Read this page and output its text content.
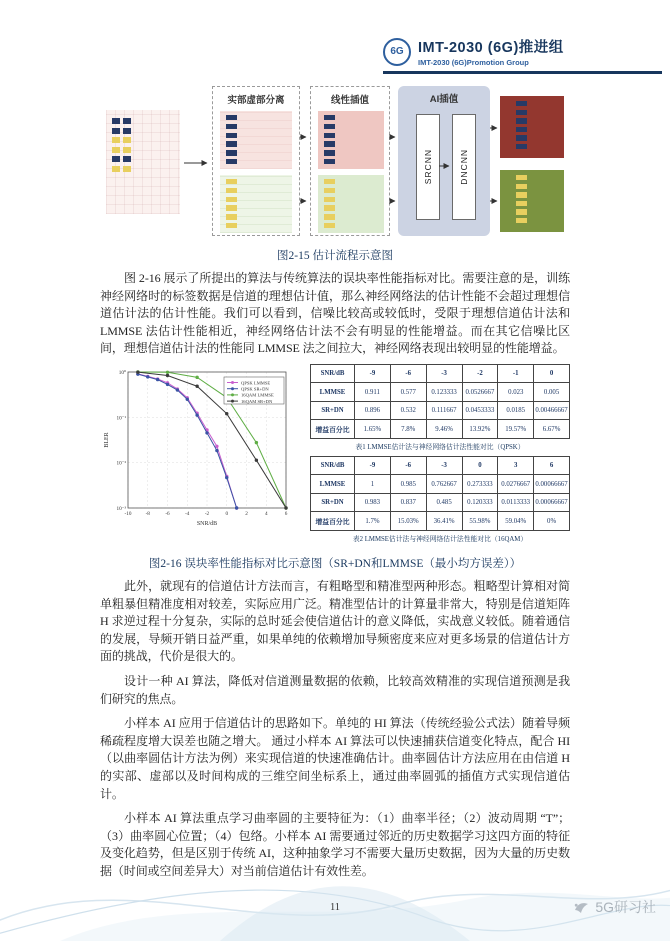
6G IMT-2030 (6G)推进组
IMT-2030 (6G)Promotion Group
实部虚部分离	线性插值	AI插值
SRCNN	DNCNN
图2-15 估计流程示意图

图 2-16 展示了所提出的算法与传统算法的误块率性能指标对比。需要注意的是，训练神经网络时的标签数据是信道的理想估计值，那么神经网络法的估计性能不会超过理想信道估计法的估计性能。我们可以看到，信噪比较高或较低时，受限于理想信道估计法和 LMMSE 法估计性能相近，神经网络估计法不会有明显的性能增益。而在其它信噪比区间，理想信道估计法的性能同 LMMSE 法之间拉大，神经网络表现出较明显的性能增益。

-10	-8	-6	-4	-2	0	2	4	6
10⁰
10⁻¹
10⁻²
10⁻³
QPSK LMMSE
QPSK SR+DN
16QAM LMMSE
16QAM SR+DN
SNR/dB
BLER
SNR/dB	-9	-6	-3	-2	-1	0
LMMSE	0.911	0.577	0.123333	0.0526667	0.023	0.005
SR+DN	0.896	0.532	0.111667	0.0453333	0.0185	0.00466667
增益百分比	1.65%	7.8%	9.46%	13.92%	19.57%	6.67%
表1 LMMSE估计法与神经网络估计法性能对比（QPSK）
SNR/dB	-9	-6	-3	0	3	6
LMMSE	1	0.985	0.762667	0.273333	0.0276667	0.00066667
SR+DN	0.983	0.837	0.485	0.120333	0.0113333	0.00066667
增益百分比	1.7%	15.03%	36.41%	55.98%	59.04%	0%
表2 LMMSE估计法与神经网络估计法性能对比（16QAM）
图2-16 误块率性能指标对比示意图（SR+DN和LMMSE（最小均方误差））

此外，就现有的信道估计方法而言，有粗略型和精准型两种形态。粗略型计算相对简单粗暴但精准度相对较差，实际应用广泛。精准型估计的计算量非常大，特别是信道矩阵 H 求逆过程十分复杂，实际的总时延会使信道估计的意义降低，实战意义较低。随着通信的发展，导频开销日益严重，如果单纯的依赖增加导频密度来应对更多场景的信道估计方面的挑战，代价是很大的。

设计一种 AI 算法，降低对信道测量数据的依赖，比较高效精准的实现信道预测是我们研究的焦点。

小样本 AI 应用于信道估计的思路如下。单纯的 HI 算法（传统经验公式法）随着导频稀疏程度增大误差也随之增大。 通过小样本 AI 算法可以快速捕获信道变化特点，配合 HI（以曲率圆估计方法为例）来实现信道的快速准确估计。曲率圆估计方法应用在由信道 H 的实部、虚部以及时间构成的三维空间坐标系上，通过曲率圆弧的插值方式实现信道估计。

小样本 AI 算法重点学习曲率圆的主要特征为：（1）曲率半径；（2）波动周期 “T”；（3）曲率圆心位置；（4）包络。小样本 AI 需要通过邻近的历史数据学习这四方面的特征及变化趋势，但是区别于传统 AI，这种抽象学习不需要大量历史数据，因为大量的历史数据（时间或空间差异大）对当前信道估计有效性差。

11	5G研习社
